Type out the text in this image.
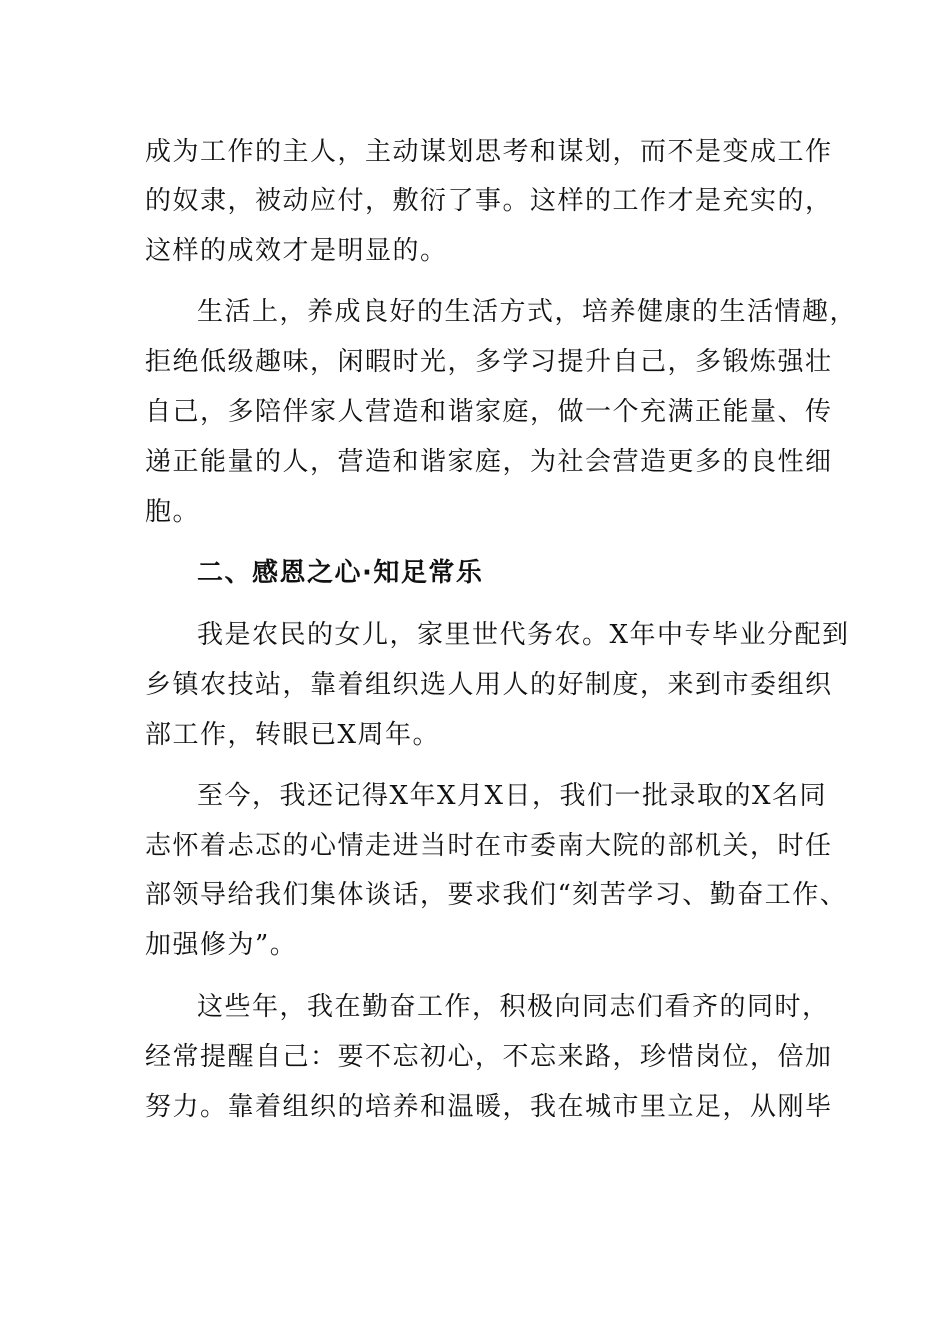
成为工作的主人，主动谋划思考和谋划，而不是变成工作
的奴隶，被动应付，敷衍了事。这样的工作才是充实的，
这样的成效才是明显的。
生活上，养成良好的生活方式，培养健康的生活情趣，
拒绝低级趣味，闲暇时光，多学习提升自己，多锻炼强壮
自己，多陪伴家人营造和谐家庭，做一个充满正能量、传
递正能量的人，营造和谐家庭，为社会营造更多的良性细
胞。
二、感恩之心·知足常乐
我是农民的女儿，家里世代务农。X年中专毕业分配到
乡镇农技站，靠着组织选人用人的好制度，来到市委组织
部工作，转眼已X周年。
至今，我还记得X年X月X日，我们一批录取的X名同
志怀着忐忑的心情走进当时在市委南大院的部机关，时任
部领导给我们集体谈话，要求我们“刻苦学习、勤奋工作、
加强修为”。
这些年，我在勤奋工作，积极向同志们看齐的同时，
经常提醒自己：要不忘初心，不忘来路，珍惜岗位，倍加
努力。靠着组织的培养和温暖，我在城市里立足，从刚毕
